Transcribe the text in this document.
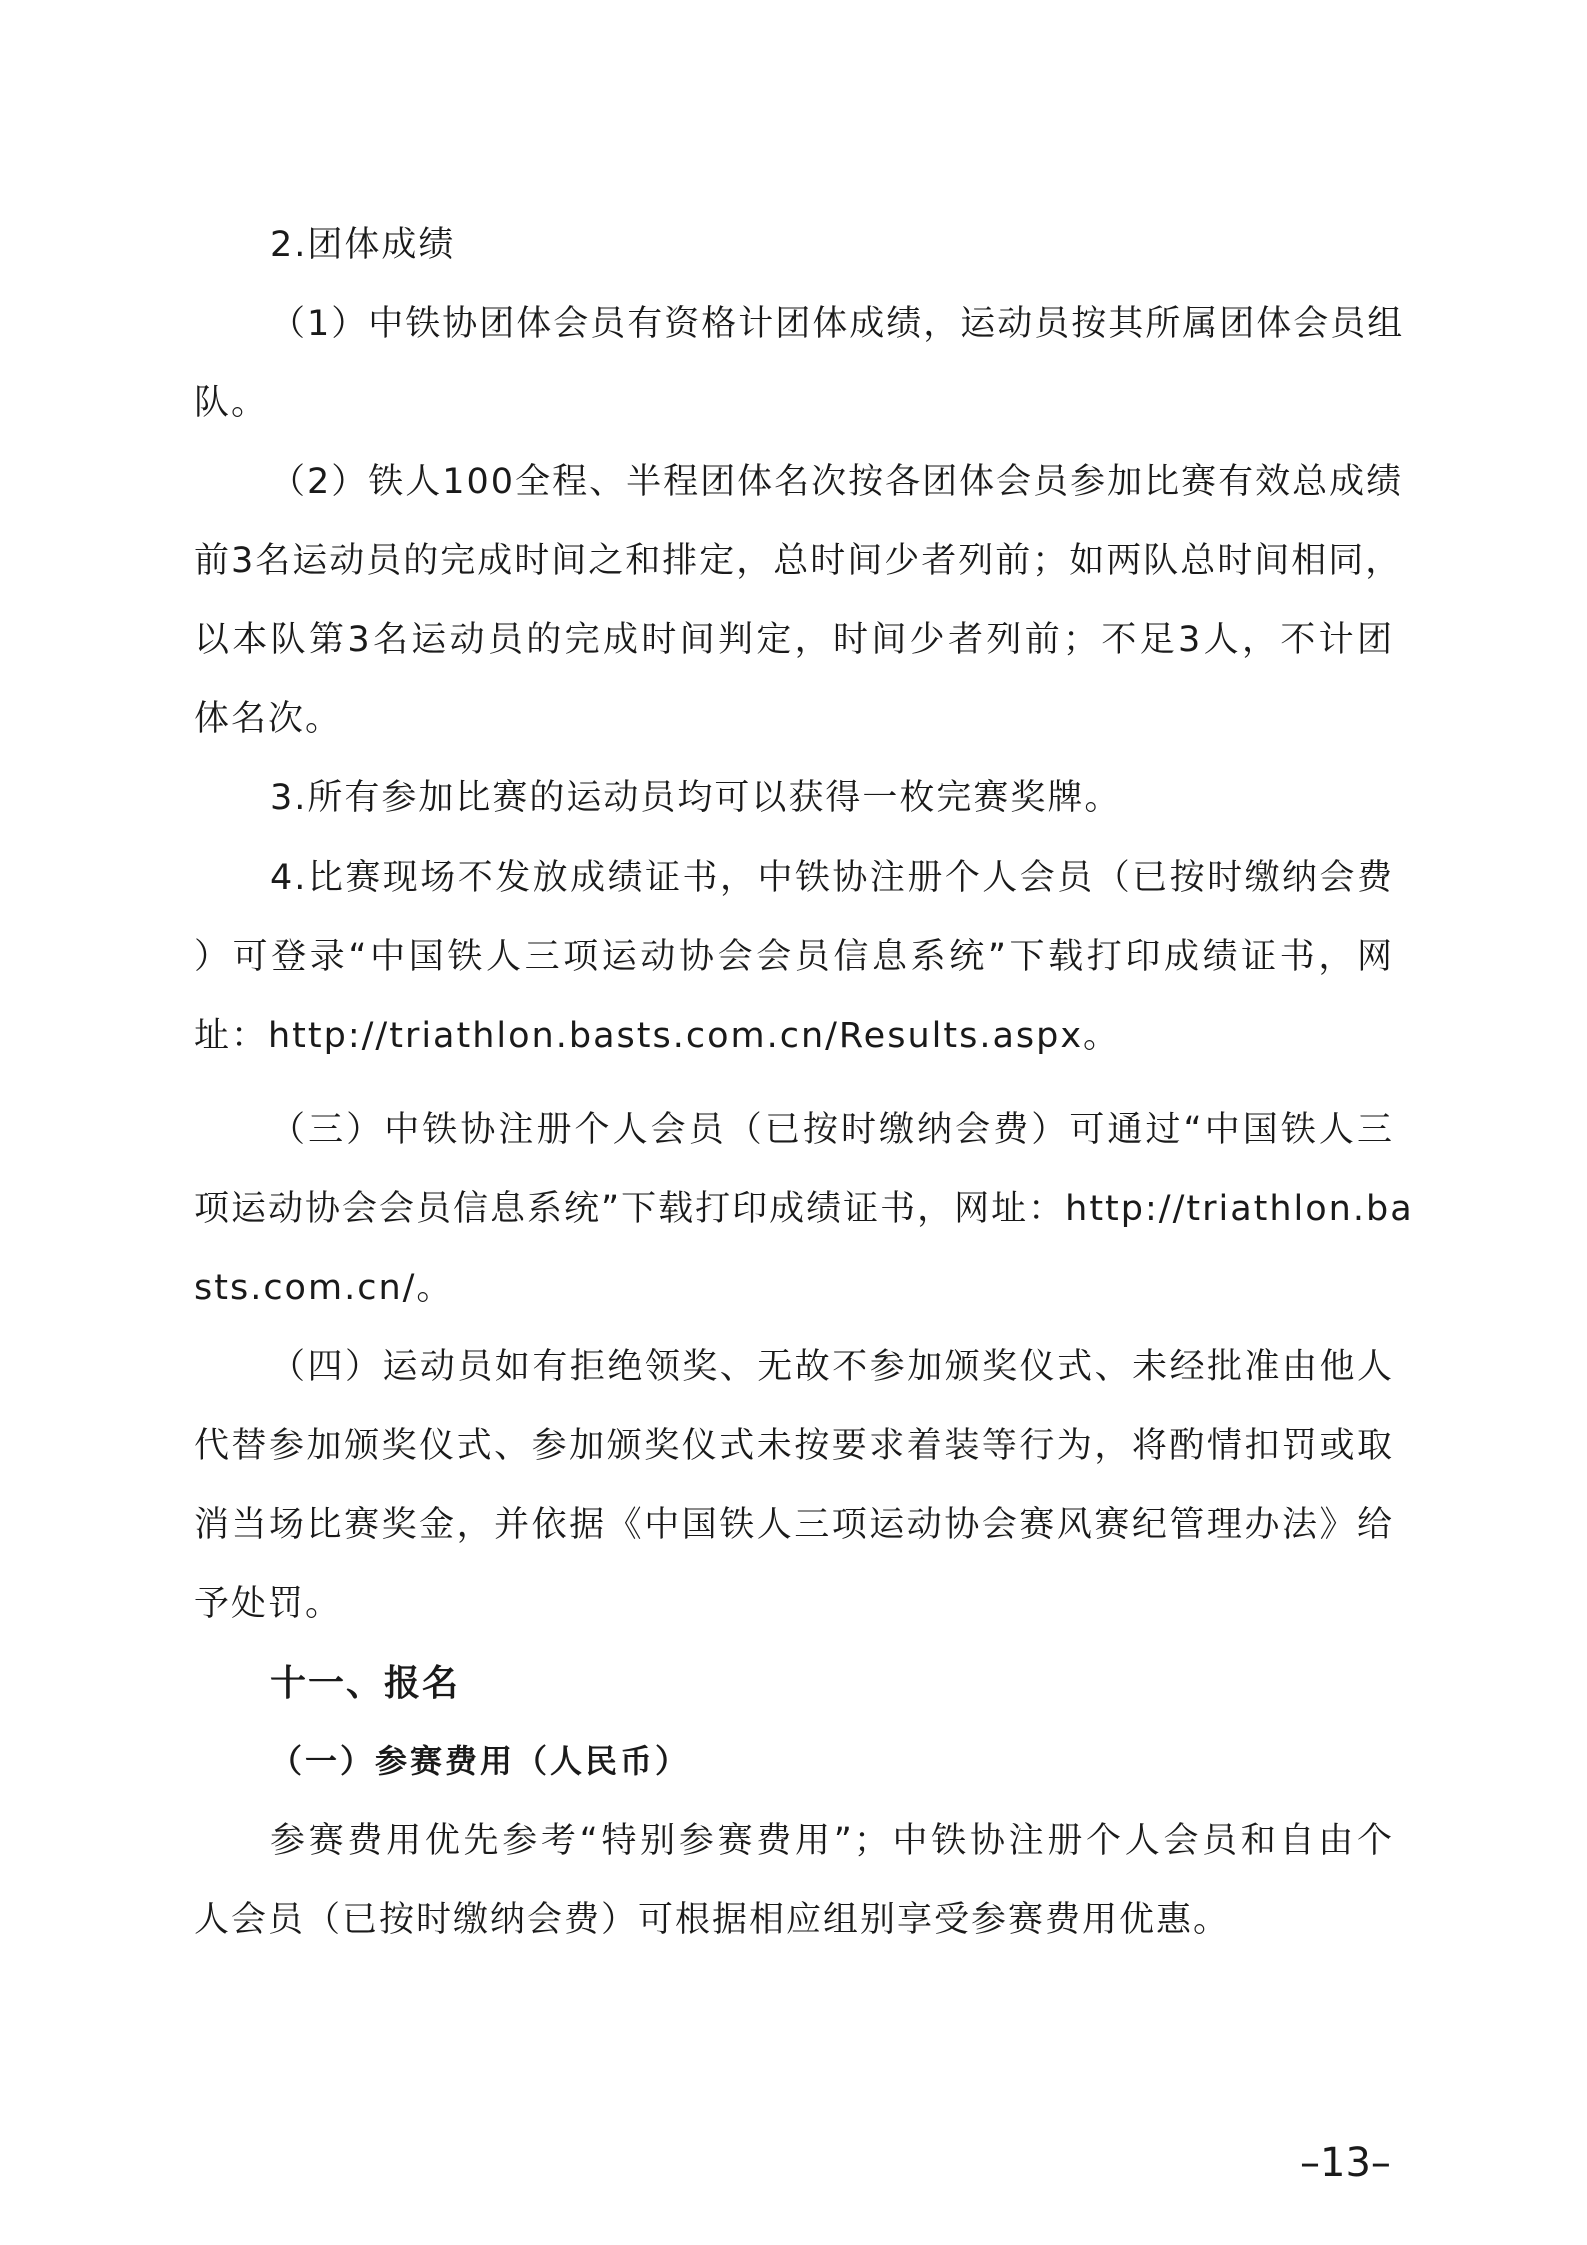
2.团体成绩
（1）中铁协团体会员有资格计团体成绩，运动员按其所属团体会员组
队。
（2）铁人100全程、半程团体名次按各团体会员参加比赛有效总成绩
前3名运动员的完成时间之和排定，总时间少者列前；如两队总时间相同，
以本队第3名运动员的完成时间判定，时间少者列前；不足3人，不计团
体名次。
3.所有参加比赛的运动员均可以获得一枚完赛奖牌。
4.比赛现场不发放成绩证书，中铁协注册个人会员（已按时缴纳会费
）可登录“中国铁人三项运动协会会员信息系统”下载打印成绩证书，网
址：http://triathlon.basts.com.cn/Results.aspx。
（三）中铁协注册个人会员（已按时缴纳会费）可通过“中国铁人三
项运动协会会员信息系统”下载打印成绩证书，网址：http://triathlon.ba
sts.com.cn/。
（四）运动员如有拒绝领奖、无故不参加颁奖仪式、未经批准由他人
代替参加颁奖仪式、参加颁奖仪式未按要求着装等行为，将酌情扣罚或取
消当场比赛奖金，并依据《中国铁人三项运动协会赛风赛纪管理办法》给
予处罚。
十一、报名
（一）参赛费用（人民币）
参赛费用优先参考“特别参赛费用”；中铁协注册个人会员和自由个
人会员（已按时缴纳会费）可根据相应组别享受参赛费用优惠。
–13–
